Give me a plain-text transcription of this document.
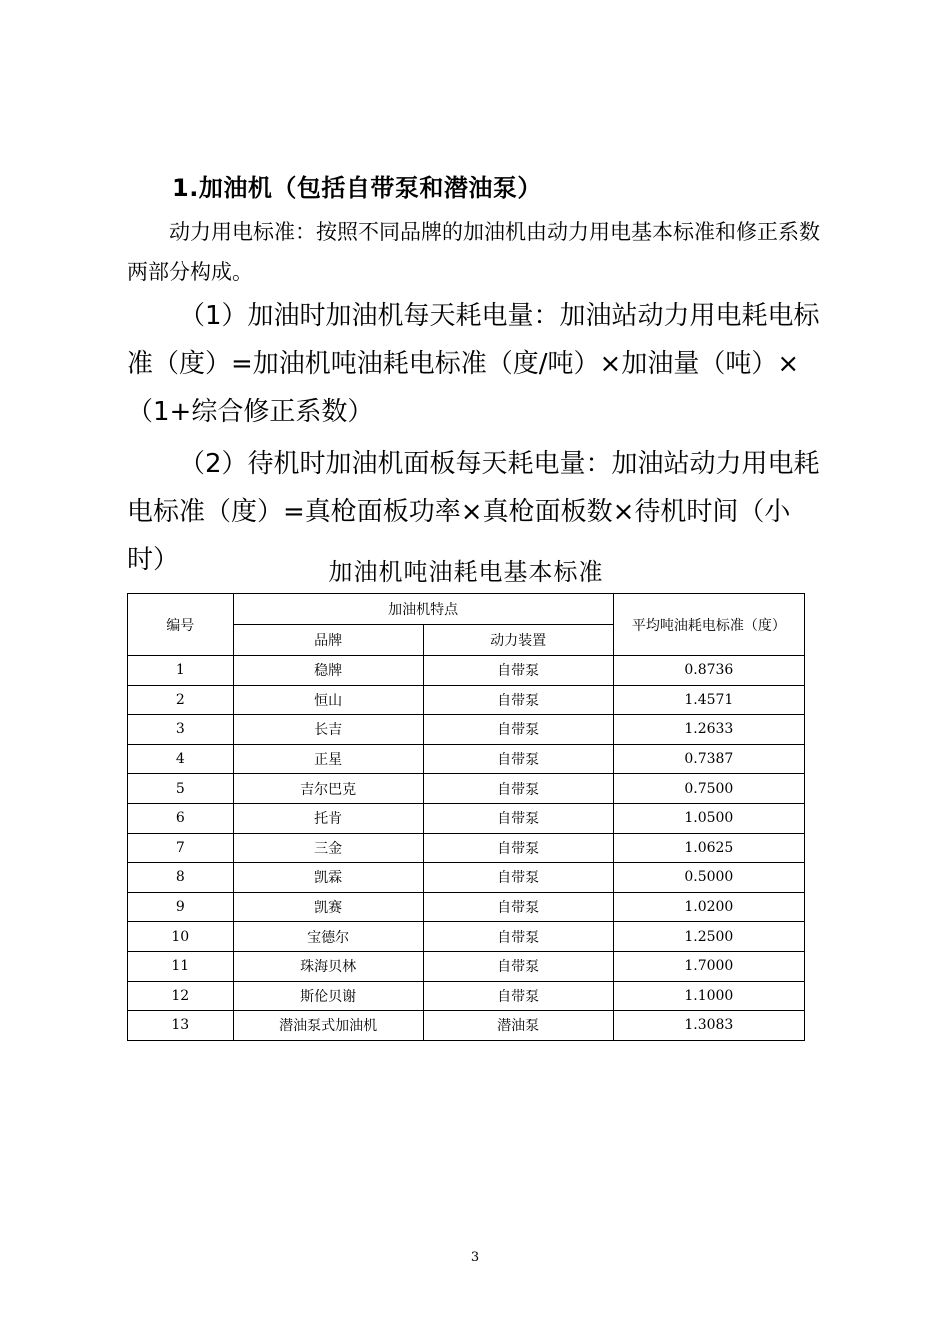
1.加油机（包括自带泵和潜油泵）
动力用电标准：按照不同品牌的加油机由动力用电基本标准和修正系数两部分构成。
（1）加油时加油机每天耗电量：加油站动力用电耗电标准（度）=加油机吨油耗电标准（度/吨）×加油量（吨）×（1+综合修正系数）
（2）待机时加油机面板每天耗电量：加油站动力用电耗电标准（度）=真枪面板功率×真枪面板数×待机时间（小时）	加油机吨油耗电基本标准
编号	加油机特点		平均吨油耗电标准（度）
	品牌	动力装置	
1	稳牌	自带泵	0.8736
2	恒山	自带泵	1.4571
3	长吉	自带泵	1.2633
4	正星	自带泵	0.7387
5	吉尔巴克	自带泵	0.7500
6	托肯	自带泵	1.0500
7	三金	自带泵	1.0625
8	凯霖	自带泵	0.5000
9	凯赛	自带泵	1.0200
10	宝德尔	自带泵	1.2500
11	珠海贝林	自带泵	1.7000
12	斯伦贝谢	自带泵	1.1000
13	潜油泵式加油机	潜油泵	1.3083
3
